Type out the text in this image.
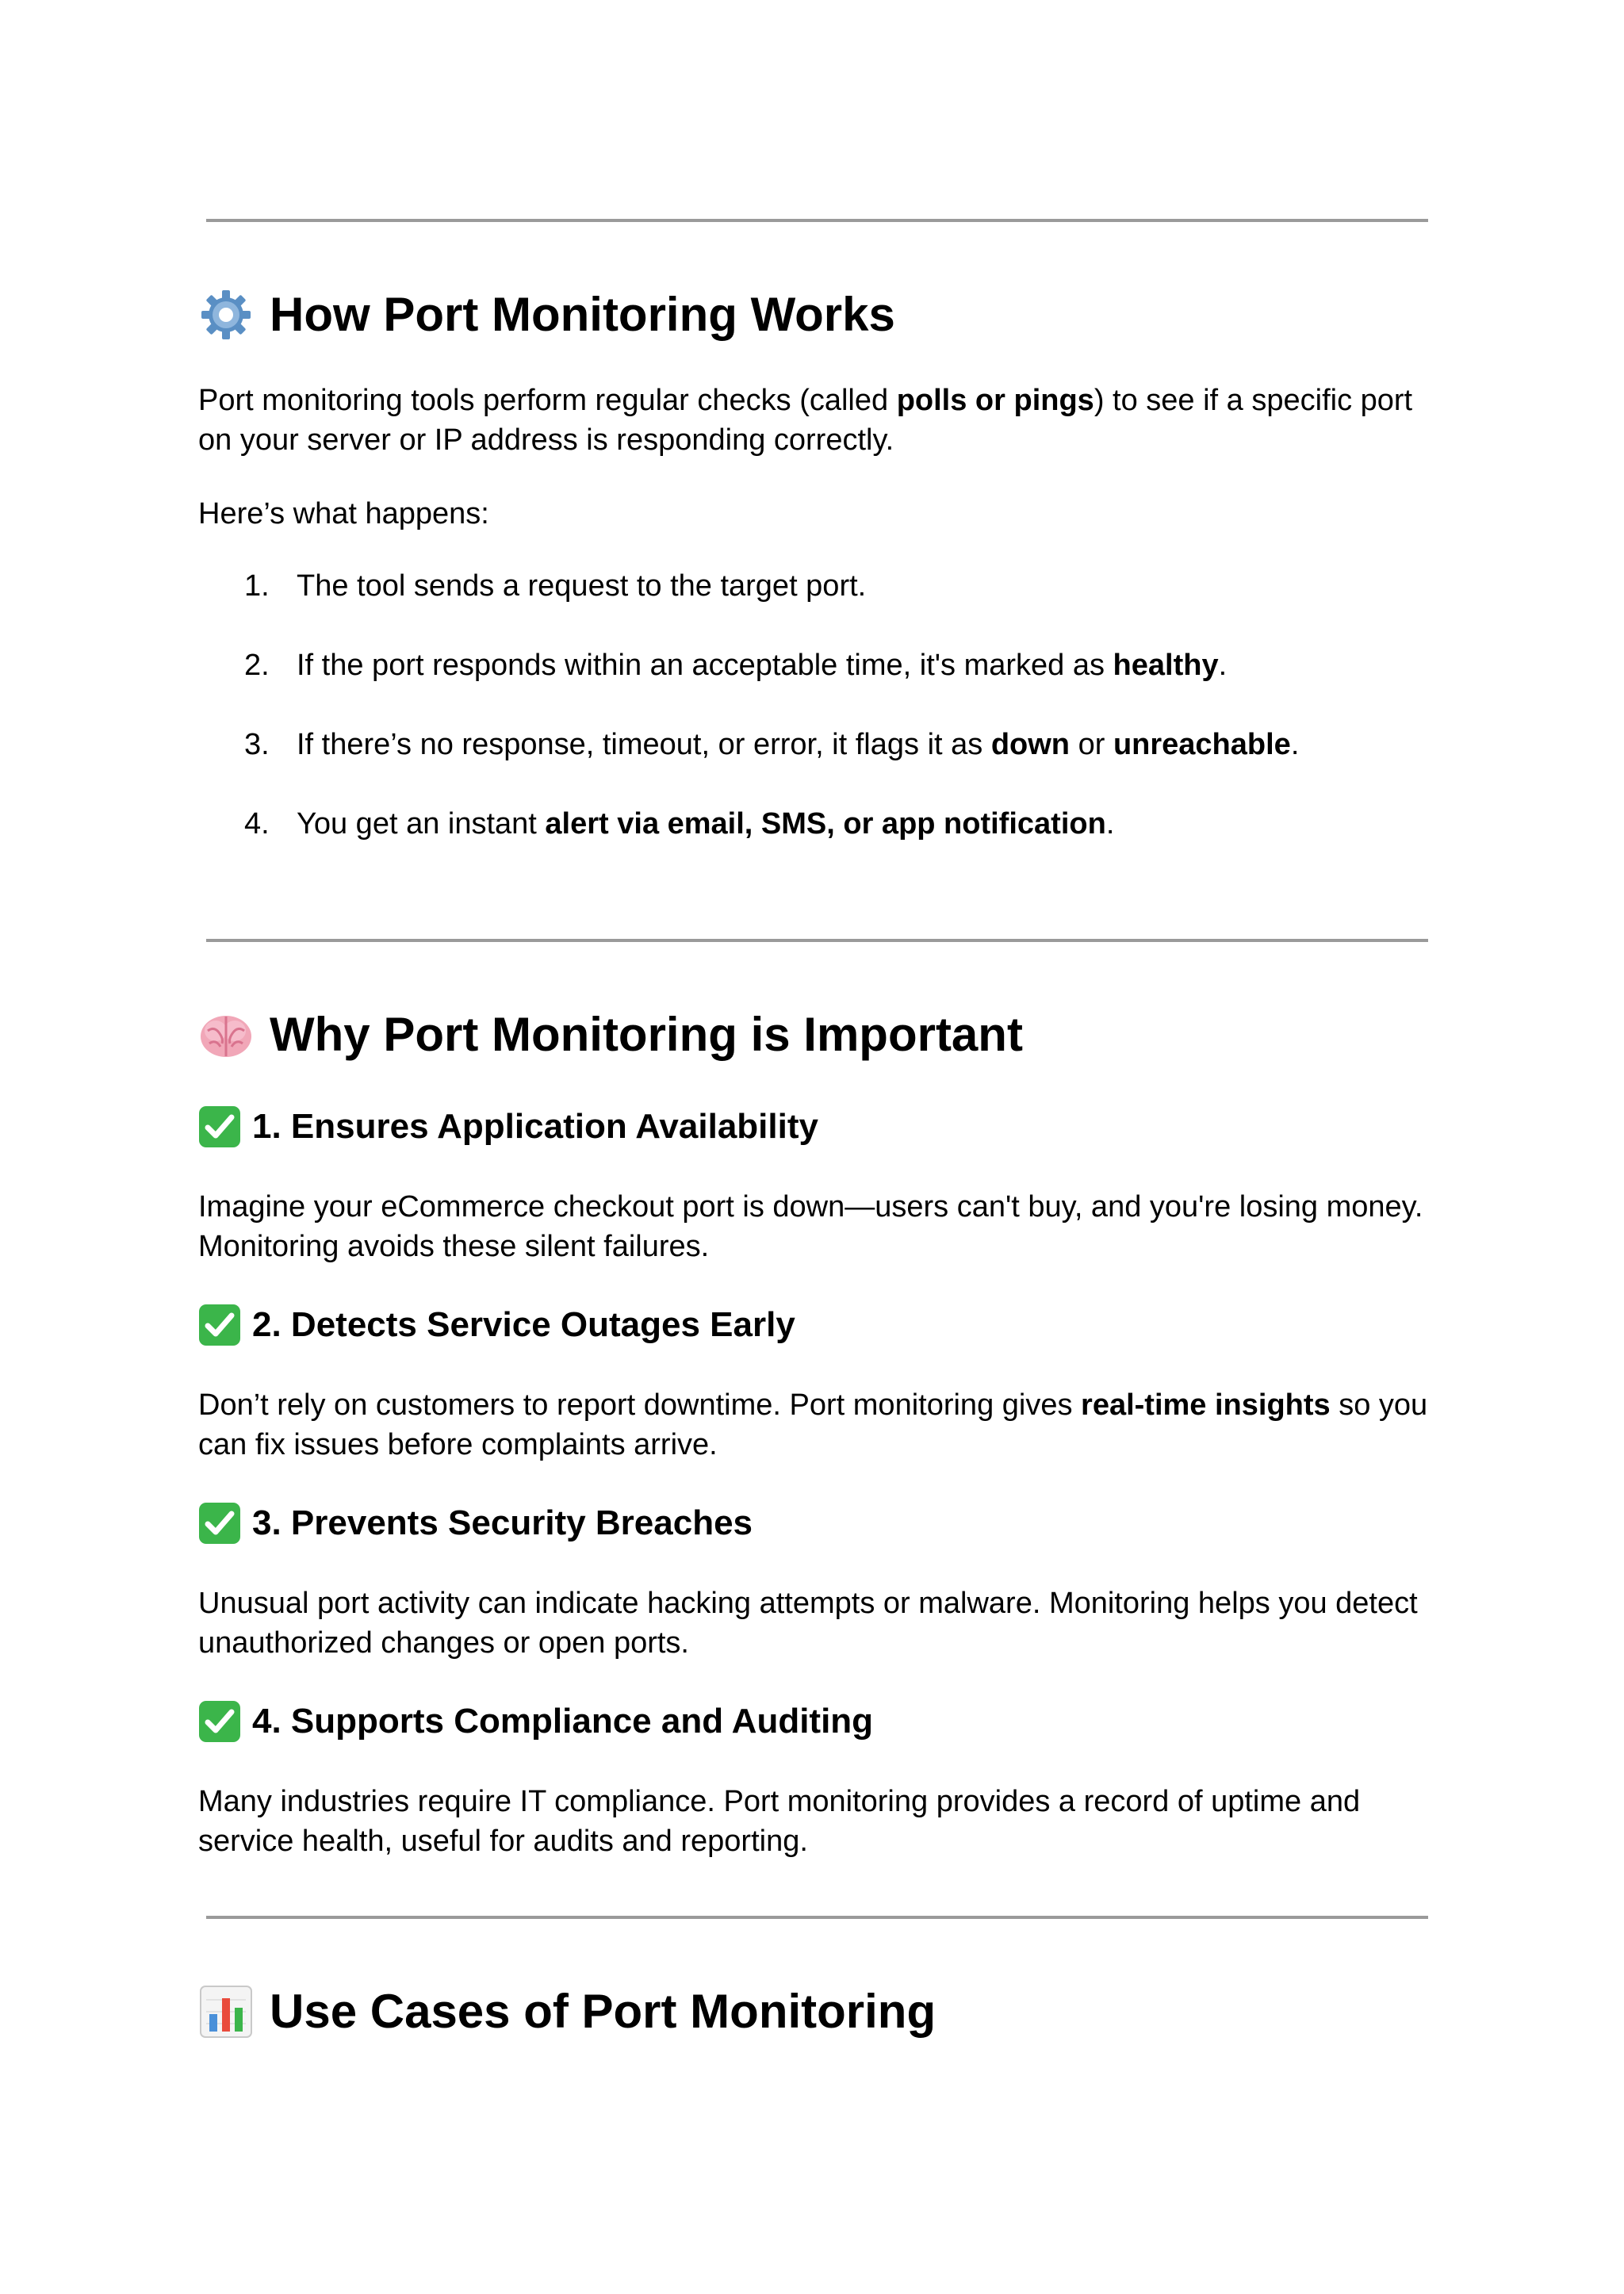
How Port Monitoring Works

Port monitoring tools perform regular checks (called polls or pings) to see if a specific port
on your server or IP address is responding correctly.

Here’s what happens:

1. The tool sends a request to the target port.

2. If the port responds within an acceptable time, it's marked as healthy.

3. If there’s no response, timeout, or error, it flags it as down or unreachable.

4. You get an instant alert via email, SMS, or app notification.

Why Port Monitoring is Important
1. Ensures Application Availability

Imagine your eCommerce checkout port is down—users can't buy, and you're losing money.
Monitoring avoids these silent failures.

2. Detects Service Outages Early

Don’t rely on customers to report downtime. Port monitoring gives real-time insights so you
can fix issues before complaints arrive.

3. Prevents Security Breaches

Unusual port activity can indicate hacking attempts or malware. Monitoring helps you detect
unauthorized changes or open ports.

4. Supports Compliance and Auditing

Many industries require IT compliance. Port monitoring provides a record of uptime and
service health, useful for audits and reporting.

Use Cases of Port Monitoring
